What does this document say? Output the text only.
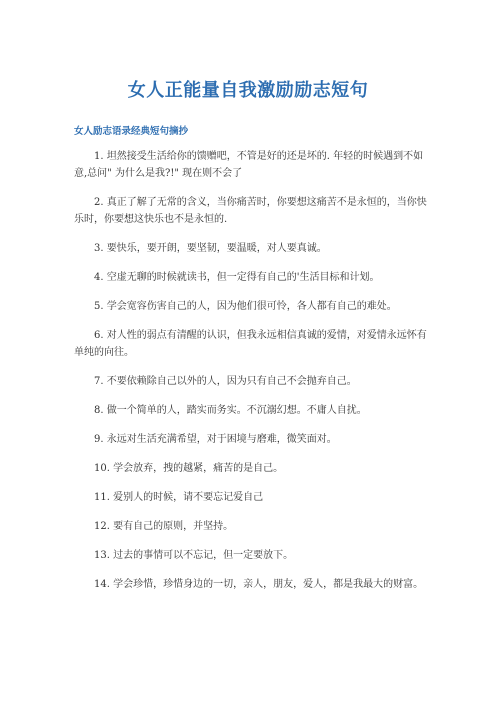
女人正能量自我激励励志短句
女人励志语录经典短句摘抄

1. 坦然接受生活给你的馈赠吧，不管是好的还是坏的. 年轻的时候遇到不如意,总问" 为什么是我?!" 现在则不会了

2. 真正了解了无常的含义，当你痛苦时，你要想这痛苦不是永恒的，当你快乐时，你要想这快乐也不是永恒的.

3. 要快乐，要开朗，要坚韧，要温暖，对人要真诚。

4. 空虚无聊的时候就读书，但一定得有自己的'生活目标和计划。

5. 学会宽容伤害自己的人，因为他们很可怜，各人都有自己的难处。

6. 对人性的弱点有清醒的认识，但我永远相信真诚的爱情，对爱情永远怀有单纯的向往。

7. 不要依赖除自己以外的人，因为只有自己不会抛弃自己。

8. 做一个简单的人，踏实而务实。不沉溺幻想。不庸人自扰。

9. 永远对生活充满希望，对于困境与磨难，微笑面对。

10. 学会放弃，拽的越紧，痛苦的是自己。

11. 爱别人的时候，请不要忘记爱自己

12. 要有自己的原则，并坚持。

13. 过去的事情可以不忘记，但一定要放下。

14. 学会珍惜，珍惜身边的一切，亲人，朋友，爱人，都是我最大的财富。
